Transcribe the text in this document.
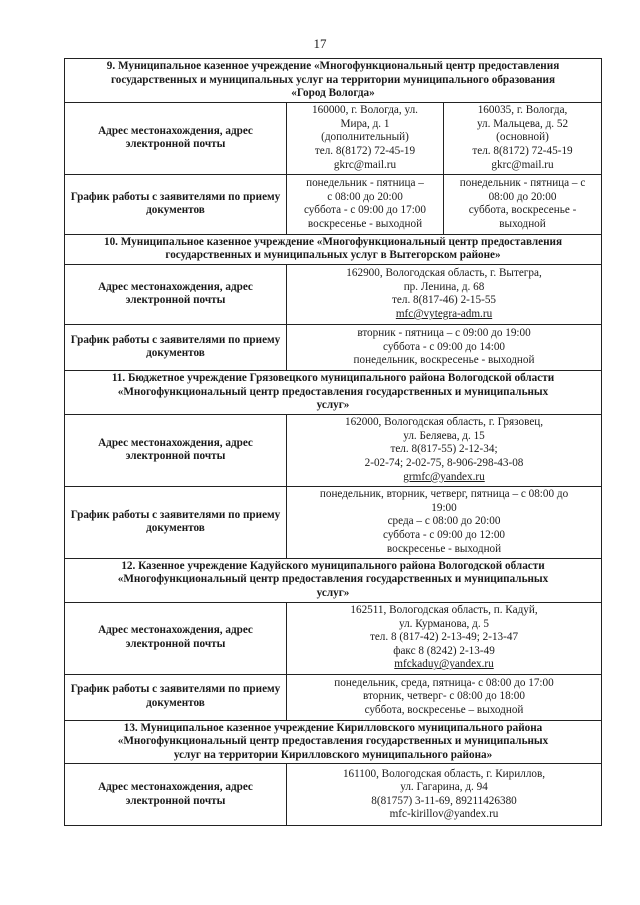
17
9. Муниципальное казенное учреждение «Многофункциональный центр предоставления
государственных и муниципальных услуг на территории муниципального образования
«Город Вологда»		

Адрес местонахождения, адрес электронной почты	160000, г. Вологда, ул.
Мира, д. 1
(дополнительный)
тел. 8(8172) 72-45-19
gkrc@mail.ru	160035, г. Вологда,
ул. Мальцева, д. 52
(основной)
тел. 8(8172) 72-45-19
gkrc@mail.ru

График работы с заявителями по приему документов	понедельник - пятница –
с 08:00 до 20:00
суббота - с 09:00 до 17:00
воскресенье - выходной	понедельник - пятница – с
08:00 до 20:00
суббота, воскресенье -
выходной

10. Муниципальное казенное учреждение «Многофункциональный центр предоставления
государственных и муниципальных услуг в Вытегорском районе»		

Адрес местонахождения, адрес электронной почты	162900, Вологодская область, г. Вытегра,
пр. Ленина, д. 68
тел. 8(817-46) 2-15-55
mfc@vytegra-adm.ru	

График работы с заявителями по приему документов	вторник - пятница – с 09:00 до 19:00
суббота - с 09:00 до 14:00
понедельник, воскресенье - выходной	

11. Бюджетное учреждение Грязовецкого муниципального района Вологодской области
«Многофункциональный центр предоставления государственных и муниципальных
услуг»		

Адрес местонахождения, адрес электронной почты	162000, Вологодская область, г. Грязовец,
ул. Беляева, д. 15
тел. 8(817-55) 2-12-34;
2-02-74; 2-02-75, 8-906-298-43-08
grmfc@yandex.ru	

График работы с заявителями по приему документов	понедельник, вторник, четверг, пятница – с 08:00 до
19:00
среда – с 08:00 до 20:00
суббота - с 09:00 до 12:00
воскресенье - выходной	

12. Казенное учреждение Кадуйского муниципального района Вологодской области
«Многофункциональный центр предоставления государственных и муниципальных
услуг»		

Адрес местонахождения, адрес электронной почты	162511, Вологодская область, п. Кадуй,
ул. Курманова, д. 5
тел. 8 (817-42) 2-13-49; 2-13-47
факс 8 (8242) 2-13-49
mfckaduy@yandex.ru	

График работы с заявителями по приему документов	понедельник, среда, пятница- с 08:00 до 17:00
вторник, четверг- с 08:00 до 18:00
суббота, воскресенье – выходной	

13. Муниципальное казенное учреждение Кирилловского муниципального района
«Многофункциональный центр предоставления государственных и муниципальных
услуг на территории Кирилловского муниципального района»		

Адрес местонахождения, адрес электронной почты	161100, Вологодская область, г. Кириллов,
ул. Гагарина, д. 94
8(81757) 3-11-69, 89211426380
mfc-kirillov@yandex.ru	
